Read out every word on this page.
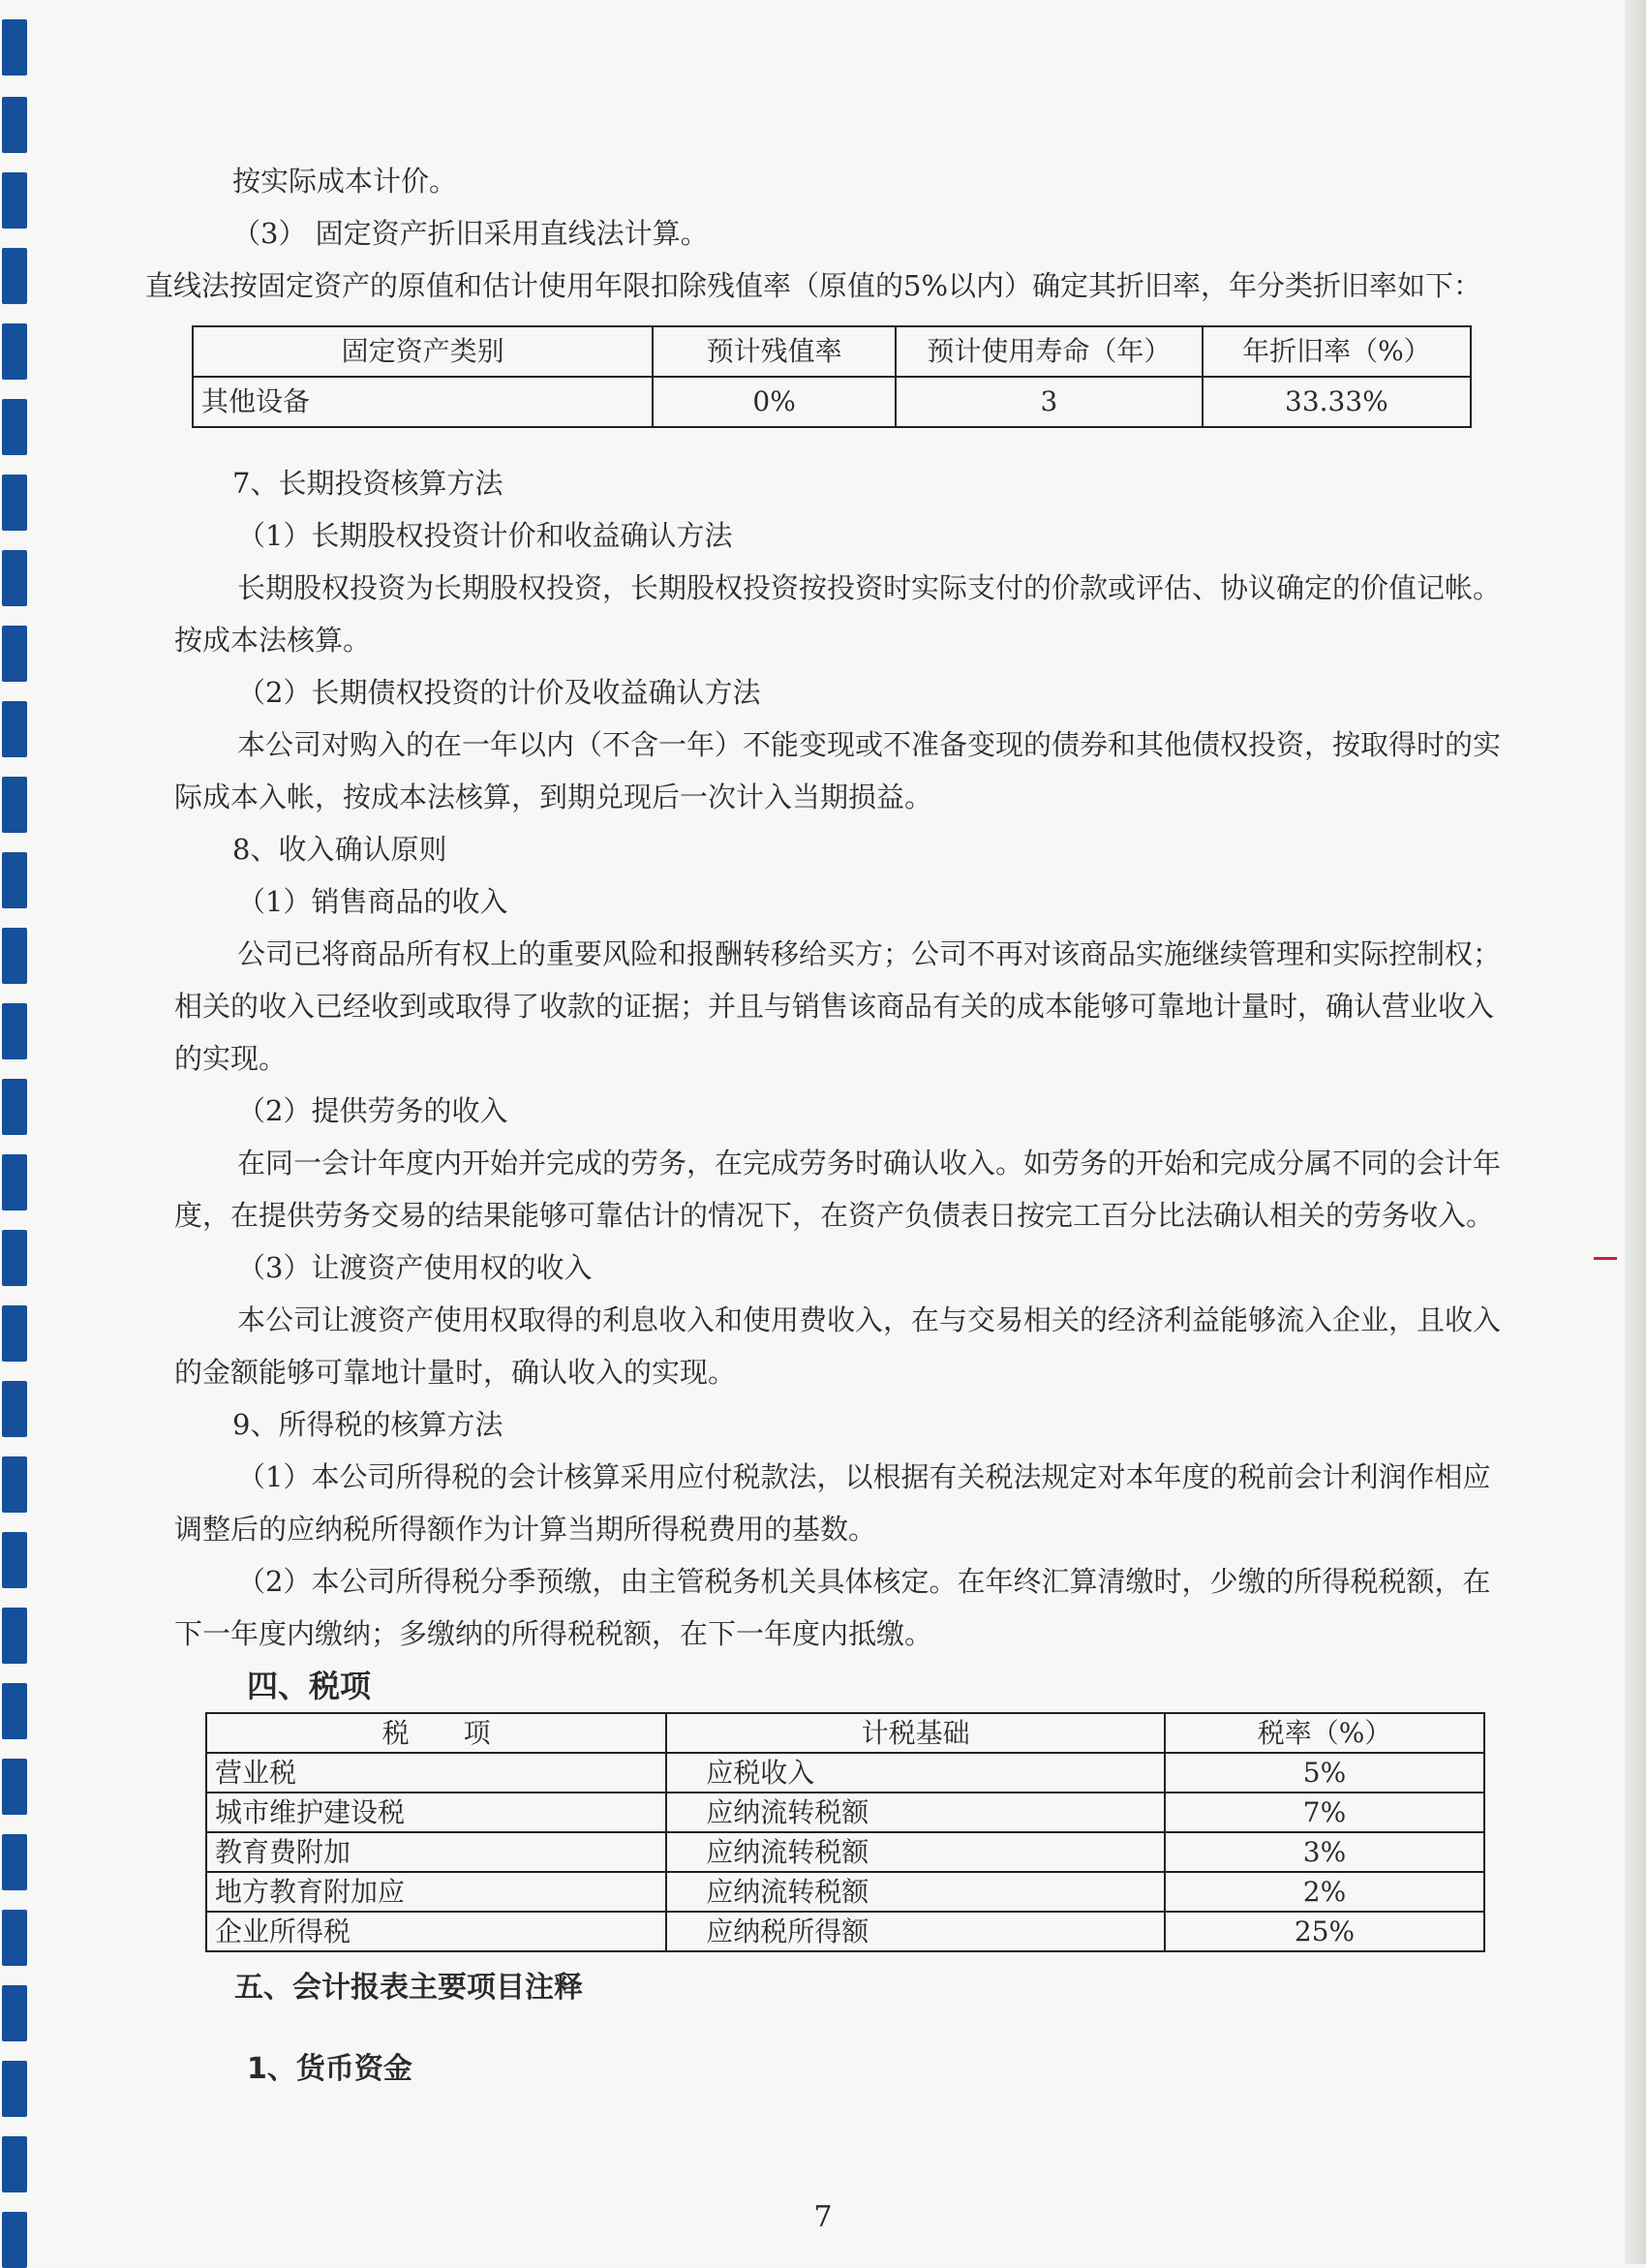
按实际成本计价。

（3） 固定资产折旧采用直线法计算。

直线法按固定资产的原值和估计使用年限扣除残值率（原值的5%以内）确定其折旧率，年分类折旧率如下：

固定资产类别	预计残值率	预计使用寿命（年）	年折旧率（%）
其他设备	0%	3	33.33%

7、长期投资核算方法

（1）长期股权投资计价和收益确认方法

长期股权投资为长期股权投资，长期股权投资按投资时实际支付的价款或评估、协议确定的价值记帐。按成本法核算。

（2）长期债权投资的计价及收益确认方法

本公司对购入的在一年以内（不含一年）不能变现或不准备变现的债券和其他债权投资，按取得时的实际成本入帐，按成本法核算，到期兑现后一次计入当期损益。

8、收入确认原则

（1）销售商品的收入

公司已将商品所有权上的重要风险和报酬转移给买方；公司不再对该商品实施继续管理和实际控制权；相关的收入已经收到或取得了收款的证据；并且与销售该商品有关的成本能够可靠地计量时，确认营业收入的实现。

（2）提供劳务的收入

在同一会计年度内开始并完成的劳务，在完成劳务时确认收入。如劳务的开始和完成分属不同的会计年度，在提供劳务交易的结果能够可靠估计的情况下，在资产负债表日按完工百分比法确认相关的劳务收入。

（3）让渡资产使用权的收入

本公司让渡资产使用权取得的利息收入和使用费收入，在与交易相关的经济利益能够流入企业，且收入的金额能够可靠地计量时，确认收入的实现。

9、所得税的核算方法

（1）本公司所得税的会计核算采用应付税款法，以根据有关税法规定对本年度的税前会计利润作相应调整后的应纳税所得额作为计算当期所得税费用的基数。

（2）本公司所得税分季预缴，由主管税务机关具体核定。在年终汇算清缴时，少缴的所得税税额，在下一年度内缴纳；多缴纳的所得税税额，在下一年度内抵缴。

四、税项
税　　项	计税基础	税率（%）
营业税	应税收入	5%
城市维护建设税	应纳流转税额	7%
教育费附加	应纳流转税额	3%
地方教育附加应	应纳流转税额	2%
企业所得税	应纳税所得额	25%
五、会计报表主要项目注释
1、货币资金
7
